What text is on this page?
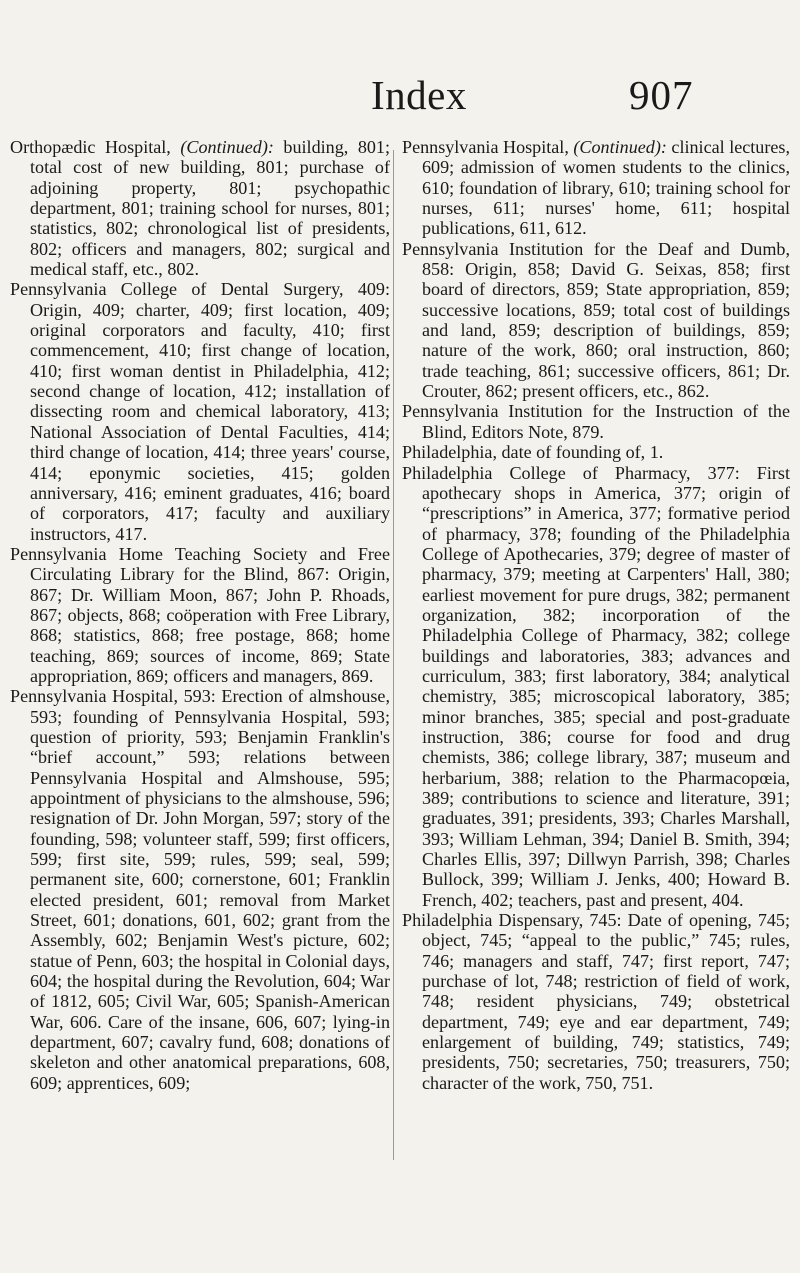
Index	907

Orthopædic Hospital, (Continued): building, 801; total cost of new building, 801; purchase of adjoining property, 801; psychopathic department, 801; training school for nurses, 801; statistics, 802; chronological list of presidents, 802; officers and managers, 802; surgical and medical staff, etc., 802.

Pennsylvania College of Dental Surgery, 409: Origin, 409; charter, 409; first location, 409; original corporators and faculty, 410; first commencement, 410; first change of location, 410; first woman dentist in Philadelphia, 412; second change of location, 412; installation of dissecting room and chemical laboratory, 413; National Association of Dental Faculties, 414; third change of location, 414; three years' course, 414; eponymic societies, 415; golden anniversary, 416; eminent graduates, 416; board of corporators, 417; faculty and auxiliary instructors, 417.

Pennsylvania Home Teaching Society and Free Circulating Library for the Blind, 867: Origin, 867; Dr. William Moon, 867; John P. Rhoads, 867; objects, 868; coöperation with Free Library, 868; statistics, 868; free postage, 868; home teaching, 869; sources of income, 869; State appropriation, 869; officers and managers, 869.

Pennsylvania Hospital, 593: Erection of almshouse, 593; founding of Pennsylvania Hospital, 593; question of priority, 593; Benjamin Franklin's “brief account,” 593; relations between Pennsylvania Hospital and Almshouse, 595; appointment of physicians to the almshouse, 596; resignation of Dr. John Morgan, 597; story of the founding, 598; volunteer staff, 599; first officers, 599; first site, 599; rules, 599; seal, 599; permanent site, 600; cornerstone, 601; Franklin elected president, 601; removal from Market Street, 601; donations, 601, 602; grant from the Assembly, 602; Benjamin West's picture, 602; statue of Penn, 603; the hospital in Colonial days, 604; the hospital during the Revolution, 604; War of 1812, 605; Civil War, 605; Spanish-American War, 606. Care of the insane, 606, 607; lying-in department, 607; cavalry fund, 608; donations of skeleton and other anatomical preparations, 608, 609; apprentices, 609;

Pennsylvania Hospital, (Continued): clinical lectures, 609; admission of women students to the clinics, 610; foundation of library, 610; training school for nurses, 611; nurses' home, 611; hospital publications, 611, 612.

Pennsylvania Institution for the Deaf and Dumb, 858: Origin, 858; David G. Seixas, 858; first board of directors, 859; State appropriation, 859; successive locations, 859; total cost of buildings and land, 859; description of buildings, 859; nature of the work, 860; oral instruction, 860; trade teaching, 861; successive officers, 861; Dr. Crouter, 862; present officers, etc., 862.

Pennsylvania Institution for the Instruction of the Blind, Editors Note, 879.

Philadelphia, date of founding of, 1.

Philadelphia College of Pharmacy, 377: First apothecary shops in America, 377; origin of “prescriptions” in America, 377; formative period of pharmacy, 378; founding of the Philadelphia College of Apothecaries, 379; degree of master of pharmacy, 379; meeting at Carpenters' Hall, 380; earliest movement for pure drugs, 382; permanent organization, 382; incorporation of the Philadelphia College of Pharmacy, 382; college buildings and laboratories, 383; advances and curriculum, 383; first laboratory, 384; analytical chemistry, 385; microscopical laboratory, 385; minor branches, 385; special and post-graduate instruction, 386; course for food and drug chemists, 386; college library, 387; museum and herbarium, 388; relation to the Pharmacopœia, 389; contributions to science and literature, 391; graduates, 391; presidents, 393; Charles Marshall, 393; William Lehman, 394; Daniel B. Smith, 394; Charles Ellis, 397; Dillwyn Parrish, 398; Charles Bullock, 399; William J. Jenks, 400; Howard B. French, 402; teachers, past and present, 404.

Philadelphia Dispensary, 745: Date of opening, 745; object, 745; “appeal to the public,” 745; rules, 746; managers and staff, 747; first report, 747; purchase of lot, 748; restriction of field of work, 748; resident physicians, 749; obstetrical department, 749; eye and ear department, 749; enlargement of building, 749; statistics, 749; presidents, 750; secretaries, 750; treasurers, 750; character of the work, 750, 751.
